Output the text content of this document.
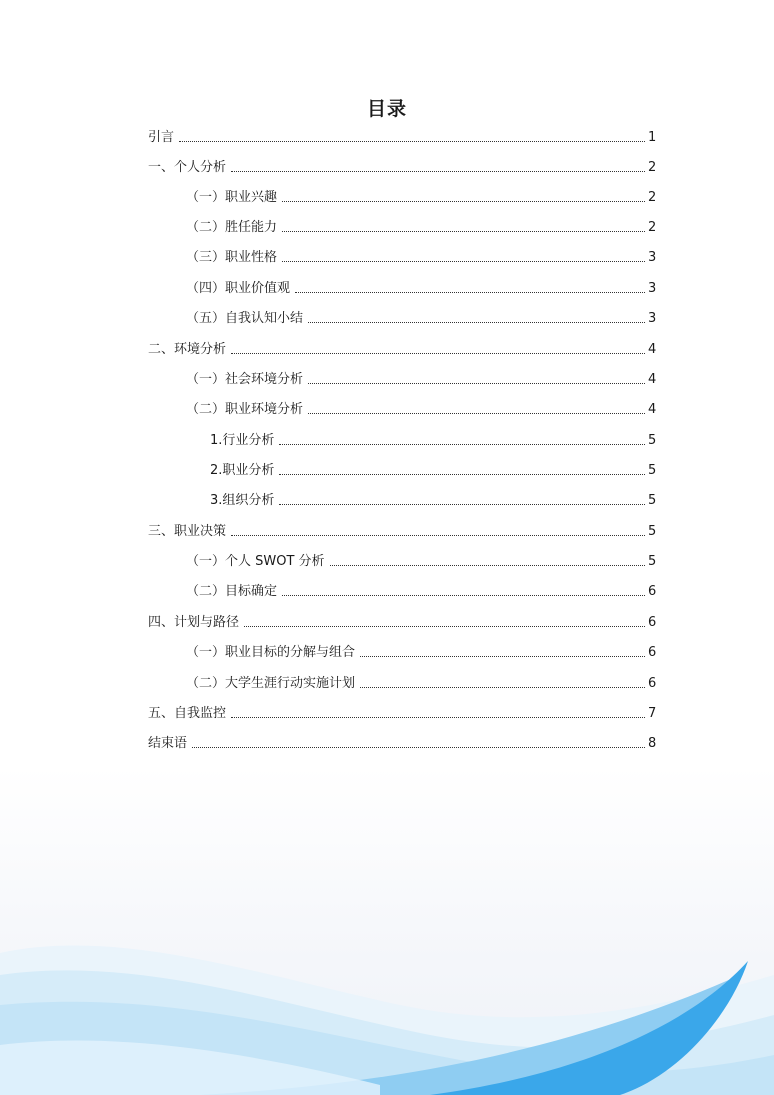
目录
引言	1
一、个人分析	2
（一）职业兴趣	2
（二）胜任能力	2
（三）职业性格	3
（四）职业价值观	3
（五）自我认知小结	3
二、环境分析	4
（一）社会环境分析	4
（二）职业环境分析	4
1.行业分析	5
2.职业分析	5
3.组织分析	5
三、职业决策	5
（一）个人 SWOT 分析	5
（二）目标确定	6
四、计划与路径	6
（一）职业目标的分解与组合	6
（二）大学生涯行动实施计划	6
五、自我监控	7
结束语	8
